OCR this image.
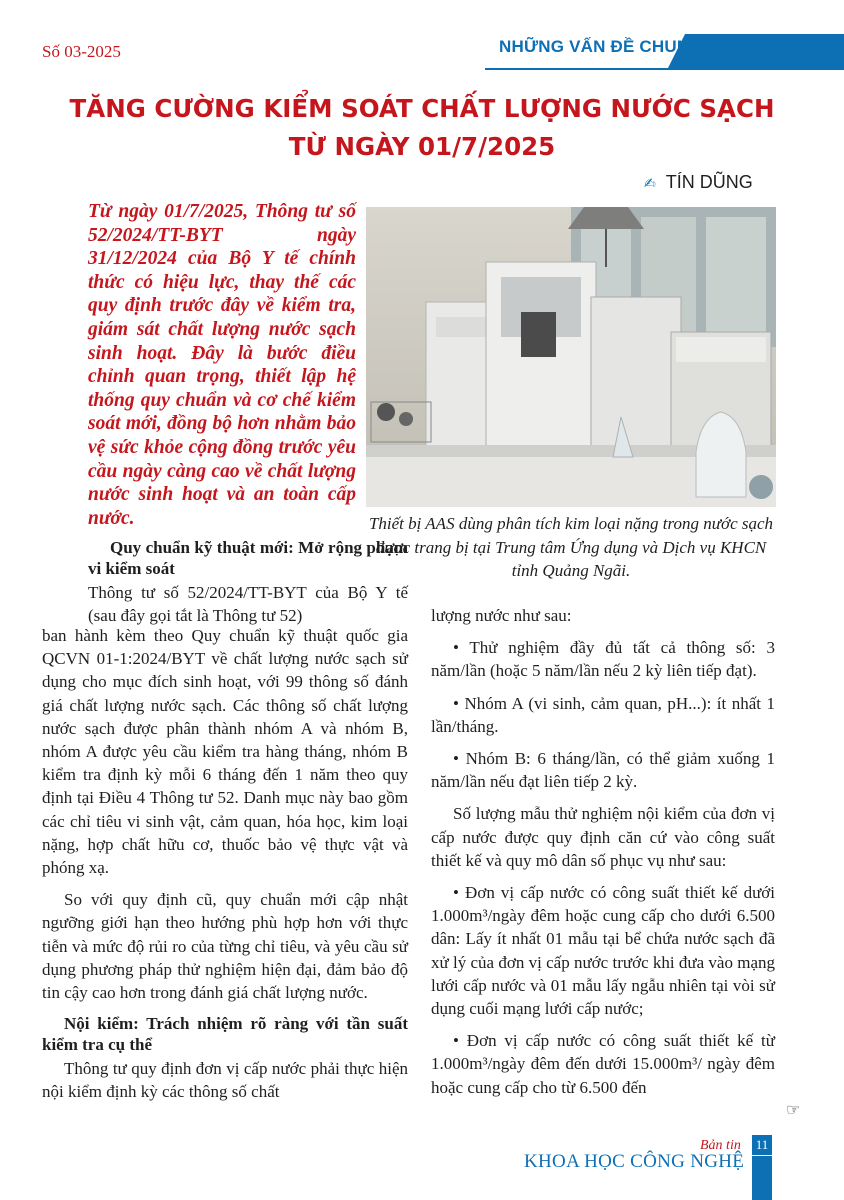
Số 03-2025	NHỮNG VẤN ĐỀ CHUNG
TĂNG CƯỜNG KIỂM SOÁT CHẤT LƯỢNG NƯỚC SẠCH
TỪ NGÀY 01/7/2025
✍ TÍN DŨNG

Từ ngày 01/7/2025, Thông tư số 52/2024/TT-BYT ngày 31/12/2024 của Bộ Y tế chính thức có hiệu lực, thay thế các quy định trước đây về kiểm tra, giám sát chất lượng nước sạch sinh hoạt. Đây là bước điều chỉnh quan trọng, thiết lập hệ thống quy chuẩn và cơ chế kiểm soát mới, đồng bộ hơn nhằm bảo vệ sức khỏe cộng đồng trước yêu cầu ngày càng cao về chất lượng nước sinh hoạt và an toàn cấp nước.	Thiết bị AAS dùng phân tích kim loại nặng trong nước sạch được trang bị tại Trung tâm Ứng dụng và Dịch vụ KHCN tỉnh Quảng Ngãi.

Quy chuẩn kỹ thuật mới: Mở rộng phạm vi kiểm soát

Thông tư số 52/2024/TT-BYT của Bộ Y tế (sau đây gọi tắt là Thông tư 52)

ban hành kèm theo Quy chuẩn kỹ thuật quốc gia QCVN 01-1:2024/BYT về chất lượng nước sạch sử dụng cho mục đích sinh hoạt, với 99 thông số đánh giá chất lượng nước sạch. Các thông số chất lượng nước sạch được phân thành nhóm A và nhóm B, nhóm A được yêu cầu kiểm tra hàng tháng, nhóm B kiểm tra định kỳ mỗi 6 tháng đến 1 năm theo quy định tại Điều 4 Thông tư 52. Danh mục này bao gồm các chỉ tiêu vi sinh vật, cảm quan, hóa học, kim loại nặng, hợp chất hữu cơ, thuốc bảo vệ thực vật và phóng xạ.

So với quy định cũ, quy chuẩn mới cập nhật ngưỡng giới hạn theo hướng phù hợp hơn với thực tiễn và mức độ rủi ro của từng chỉ tiêu, và yêu cầu sử dụng phương pháp thử nghiệm hiện đại, đảm bảo độ tin cậy cao hơn trong đánh giá chất lượng nước.

Nội kiểm: Trách nhiệm rõ ràng với tần suất kiểm tra cụ thể

Thông tư quy định đơn vị cấp nước phải thực hiện nội kiểm định kỳ các thông số chất

lượng nước như sau:

• Thử nghiệm đầy đủ tất cả thông số: 3 năm/lần (hoặc 5 năm/lần nếu 2 kỳ liên tiếp đạt).

• Nhóm A (vi sinh, cảm quan, pH...): ít nhất 1 lần/tháng.

• Nhóm B: 6 tháng/lần, có thể giảm xuống 1 năm/lần nếu đạt liên tiếp 2 kỳ.

Số lượng mẫu thử nghiệm nội kiểm của đơn vị cấp nước được quy định căn cứ vào công suất thiết kế và quy mô dân số phục vụ như sau:

• Đơn vị cấp nước có công suất thiết kế dưới 1.000m³/ngày đêm hoặc cung cấp cho dưới 6.500 dân: Lấy ít nhất 01 mẫu tại bể chứa nước sạch đã xử lý của đơn vị cấp nước trước khi đưa vào mạng lưới cấp nước và 01 mẫu lấy ngẫu nhiên tại vòi sử dụng cuối mạng lưới cấp nước;

• Đơn vị cấp nước có công suất thiết kế từ 1.000m³/ngày đêm đến dưới 15.000m³/ ngày đêm hoặc cung cấp cho từ 6.500 đến

☞
Bản tin 11
KHOA HỌC CÔNG NGHỆ
